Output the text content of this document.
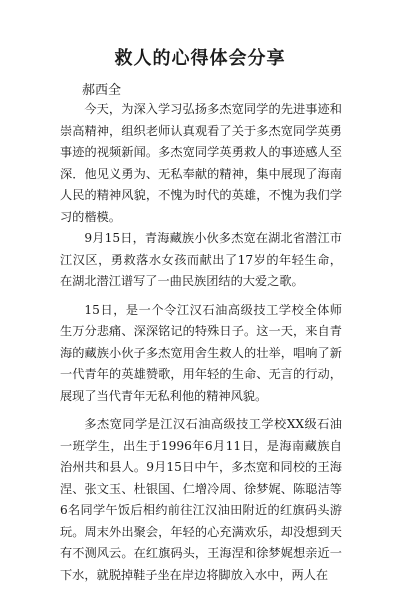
救人的心得体会分享
郝西全

今天，为深入学习弘扬多杰宽同学的先进事迹和崇高精神，组织老师认真观看了关于多杰宽同学英勇事迹的视频新闻。多杰宽同学英勇救人的事迹感人至深．他见义勇为、无私奉献的精神，集中展现了海南人民的精神风貌，不愧为时代的英雄，不愧为我们学习的楷模。

9月15日，青海藏族小伙多杰宽在湖北省潜江市江汉区，勇救落水女孩而献出了17岁的年轻生命，在湖北潜江谱写了一曲民族团结的大爱之歌。

15日，是一个令江汉石油高级技工学校全体师生万分悲痛、深深铭记的特殊日子。这一天，来自青海的藏族小伙子多杰宽用舍生救人的壮举，唱响了新一代青年的英雄赞歌，用年轻的生命、无言的行动，展现了当代青年无私利他的精神风貌。

多杰宽同学是江汉石油高级技工学校XX级石油一班学生，出生于1996年6月11日，是海南藏族自治州共和县人。9月15日中午，多杰宽和同校的王海涅、张文玉、杜银国、仁增冷周、徐梦娓、陈聪洁等6名同学午饭后相约前往江汉油田附近的红旗码头游玩。周末外出聚会，年轻的心充满欢乐，却没想到天有不测风云。在红旗码头，王海涅和徐梦娓想亲近一下水，就脱掉鞋子坐在岸边将脚放入水中，两人在
